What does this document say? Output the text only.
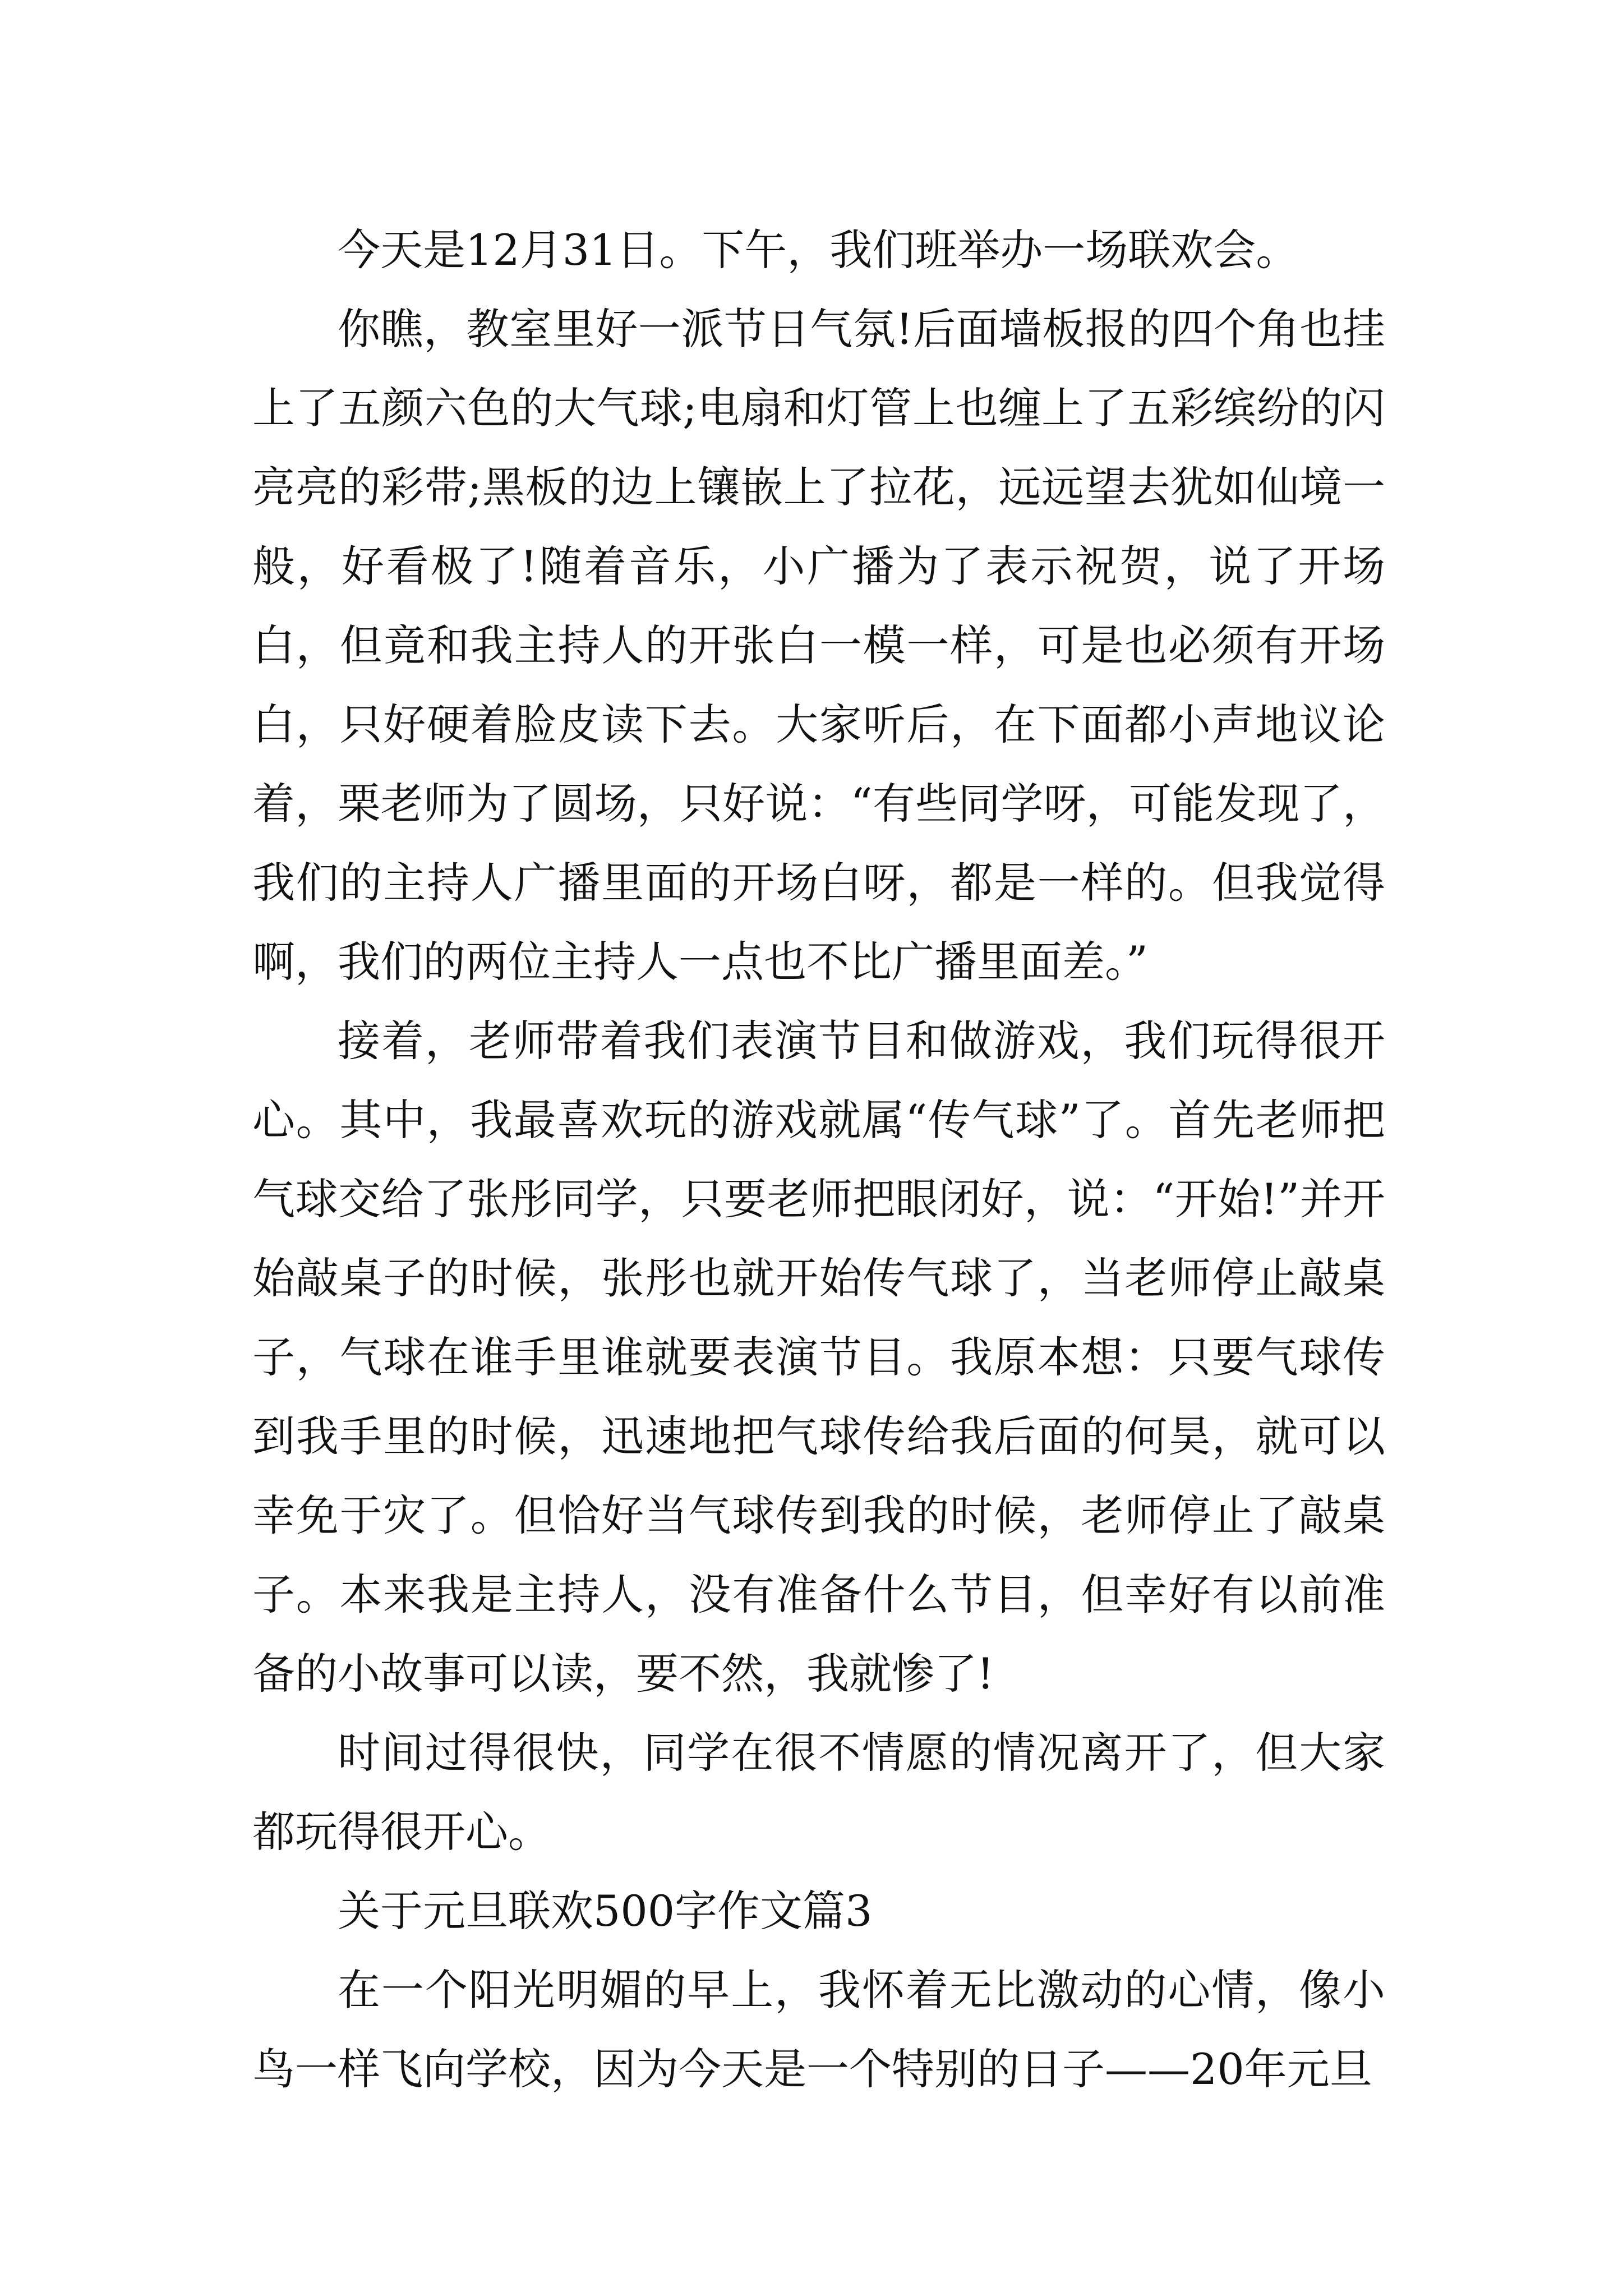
今天是12月31日。下午，我们班举办一场联欢会。

你瞧，教室里好一派节日气氛!后面墙板报的四个角也挂上了五颜六色的大气球;电扇和灯管上也缠上了五彩缤纷的闪亮亮的彩带;黑板的边上镶嵌上了拉花，远远望去犹如仙境一般，好看极了!随着音乐，小广播为了表示祝贺，说了开场白，但竟和我主持人的开张白一模一样，可是也必须有开场白，只好硬着脸皮读下去。大家听后，在下面都小声地议论着，栗老师为了圆场，只好说：“有些同学呀，可能发现了，我们的主持人广播里面的开场白呀，都是一样的。但我觉得啊，我们的两位主持人一点也不比广播里面差。”

接着，老师带着我们表演节目和做游戏，我们玩得很开心。其中，我最喜欢玩的游戏就属“传气球”了。首先老师把气球交给了张彤同学，只要老师把眼闭好，说：“开始!”并开始敲桌子的时候，张彤也就开始传气球了，当老师停止敲桌子，气球在谁手里谁就要表演节目。我原本想：只要气球传到我手里的时候，迅速地把气球传给我后面的何昊，就可以幸免于灾了。但恰好当气球传到我的时候，老师停止了敲桌子。本来我是主持人，没有准备什么节目，但幸好有以前准备的小故事可以读，要不然，我就惨了!

时间过得很快，同学在很不情愿的情况离开了，但大家都玩得很开心。

关于元旦联欢500字作文篇3

在一个阳光明媚的早上，我怀着无比激动的心情，像小鸟一样飞向学校，因为今天是一个特别的日子——20年元旦
